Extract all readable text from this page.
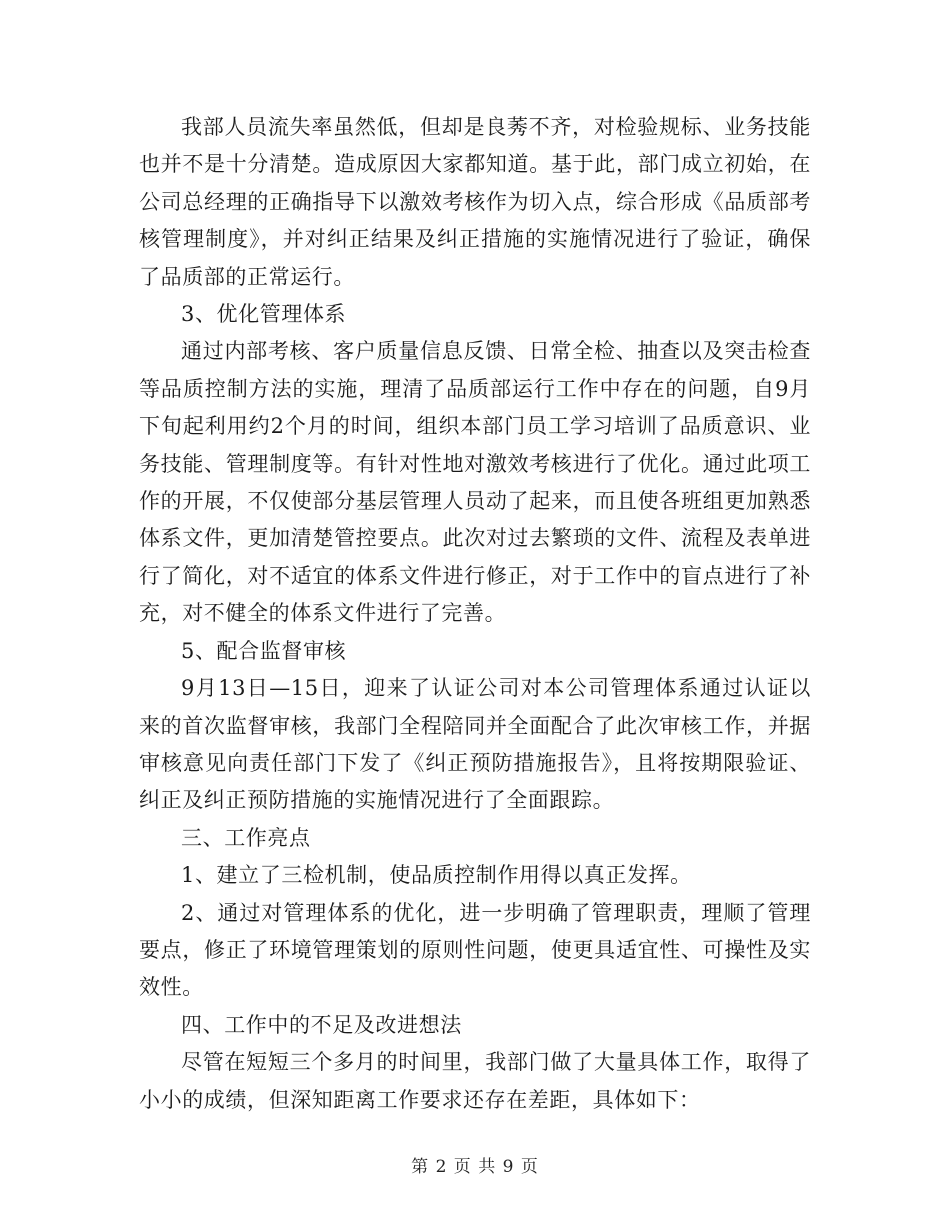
我部人员流失率虽然低，但却是良莠不齐，对检验规标、业务技能也并不是十分清楚。造成原因大家都知道。基于此，部门成立初始，在公司总经理的正确指导下以激效考核作为切入点，综合形成《品质部考核管理制度》，并对纠正结果及纠正措施的实施情况进行了验证，确保了品质部的正常运行。

3、优化管理体系

通过内部考核、客户质量信息反馈、日常全检、抽查以及突击检查等品质控制方法的实施，理清了品质部运行工作中存在的问题，自9月下旬起利用约2个月的时间，组织本部门员工学习培训了品质意识、业务技能、管理制度等。有针对性地对激效考核进行了优化。通过此项工作的开展，不仅使部分基层管理人员动了起来，而且使各班组更加熟悉体系文件，更加清楚管控要点。此次对过去繁琐的文件、流程及表单进行了简化，对不适宜的体系文件进行修正，对于工作中的盲点进行了补充，对不健全的体系文件进行了完善。

5、配合监督审核

9月13日—15日，迎来了认证公司对本公司管理体系通过认证以来的首次监督审核，我部门全程陪同并全面配合了此次审核工作，并据审核意见向责任部门下发了《纠正预防措施报告》，且将按期限验证、纠正及纠正预防措施的实施情况进行了全面跟踪。

三、工作亮点

1、建立了三检机制，使品质控制作用得以真正发挥。

2、通过对管理体系的优化，进一步明确了管理职责，理顺了管理要点，修正了环境管理策划的原则性问题，使更具适宜性、可操性及实效性。

四、工作中的不足及改进想法

尽管在短短三个多月的时间里，我部门做了大量具体工作，取得了小小的成绩，但深知距离工作要求还存在差距，具体如下：

第 2 页 共 9 页
